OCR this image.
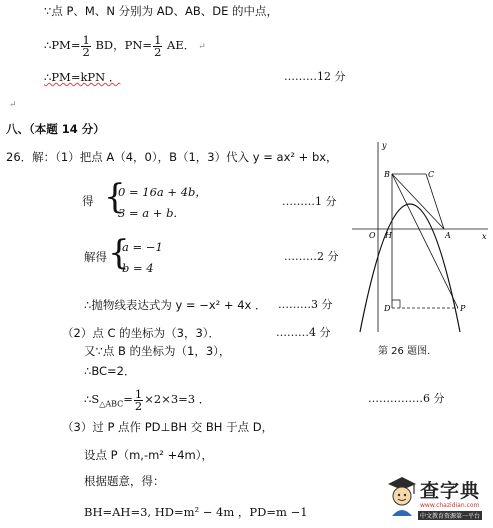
∵点 P、M、N 分别为 AD、AB、DE 的中点，
∴PM= $\frac{1}{2}$ BD，$PN= \frac{1}{2}$ AE． ↵
∴PM=kPN ．	………12 分
↵
八、（本题 14 分）
26．解：（1）把点 A（4，0），B（1，3）代入 y = ax² + bx，
得 {
0 = 16a + 4b，
3 = a + b．
………1 分
解得 {
a = −1
b = 4
………2 分
∴抛物线表达式为 y = −x² + 4x ． ………3 分
（2）点 C 的坐标为（3，3）．	………4 分
又∵点 B 的坐标为（1，3），
∴BC=2．
$\therefore S_{\triangle ABC}= \frac{1}{2} \times 2\times 3=3$ ．	……………6 分
（3）过 P 点作 PD⊥BH 交 BH 于点 D，
设点 P（m,-m² +4m），
根据题意，得：
BH=AH=3, HD=m² − 4m ，PD=m −1
y
x
O H	A
B	C
D	P
第 26 题图.
查字典
www.chazidian.com
中文教育资源第一平台
